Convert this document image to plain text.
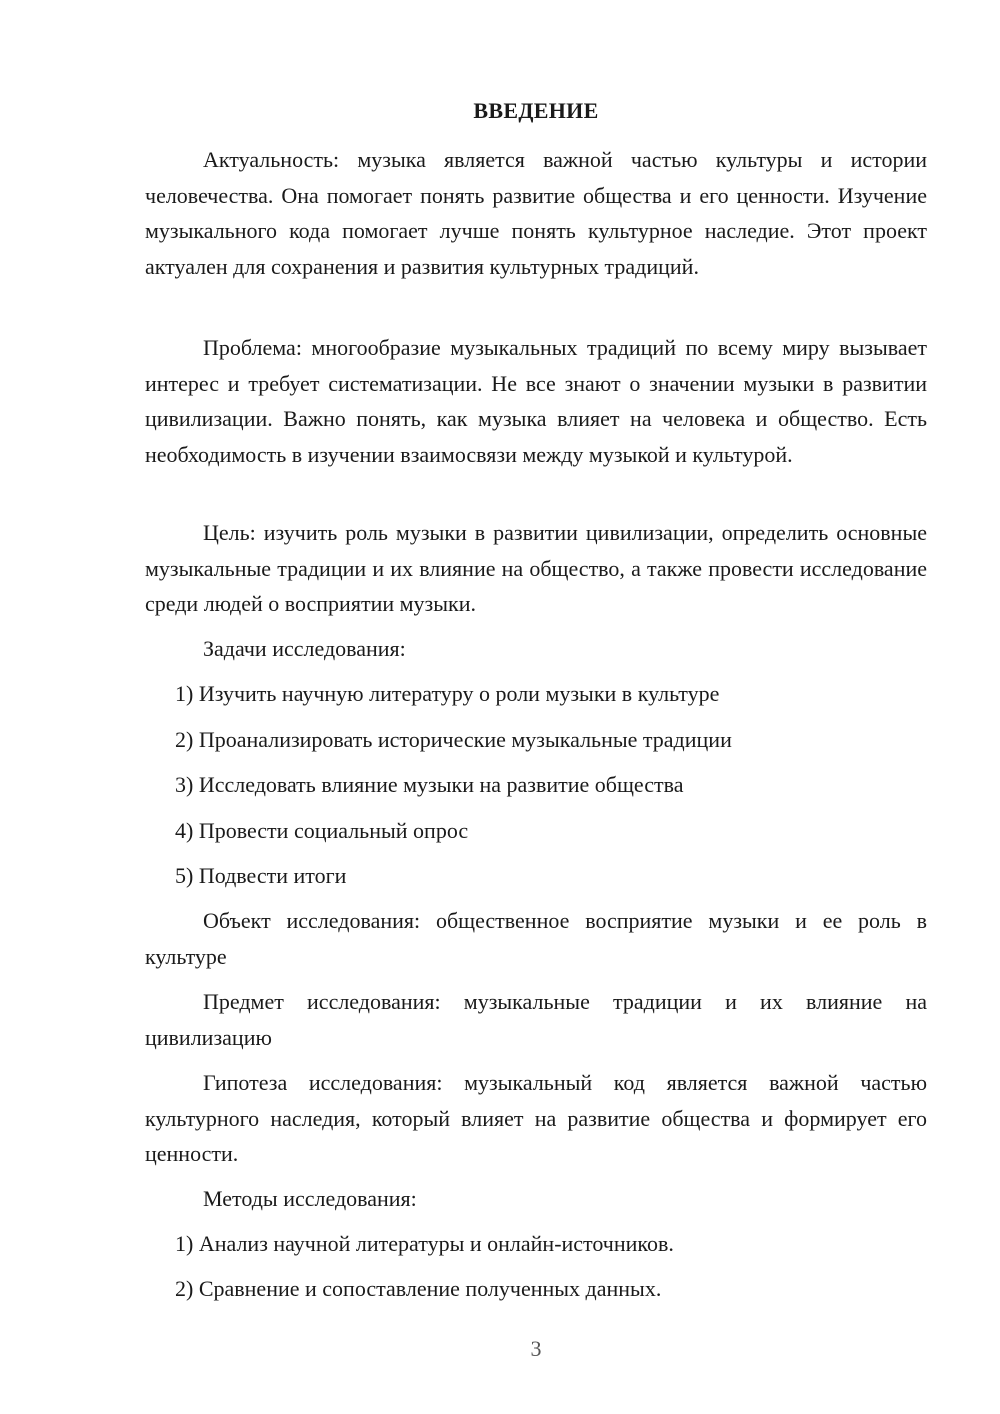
ВВЕДЕНИЕ

Актуальность: музыка является важной частью культуры и истории человечества. Она помогает понять развитие общества и его ценности. Изучение музыкального кода помогает лучше понять культурное наследие. Этот проект актуален для сохранения и развития культурных традиций.

Проблема: многообразие музыкальных традиций по всему миру вызывает интерес и требует систематизации. Не все знают о значении музыки в развитии цивилизации. Важно понять, как музыка влияет на человека и общество. Есть необходимость в изучении взаимосвязи между музыкой и культурой.

Цель: изучить роль музыки в развитии цивилизации, определить основные музыкальные традиции и их влияние на общество, а также провести исследование среди людей о восприятии музыки.

Задачи исследования:

1) Изучить научную литературу о роли музыки в культуре

2) Проанализировать исторические музыкальные традиции

3) Исследовать влияние музыки на развитие общества

4) Провести социальный опрос

5) Подвести итоги

Объект исследования: общественное восприятие музыки и ее роль в культуре

Предмет исследования: музыкальные традиции и их влияние на цивилизацию

Гипотеза исследования: музыкальный код является важной частью культурного наследия, который влияет на развитие общества и формирует его ценности.

Методы исследования:

1) Анализ научной литературы и онлайн-источников.

2) Сравнение и сопоставление полученных данных.

3
